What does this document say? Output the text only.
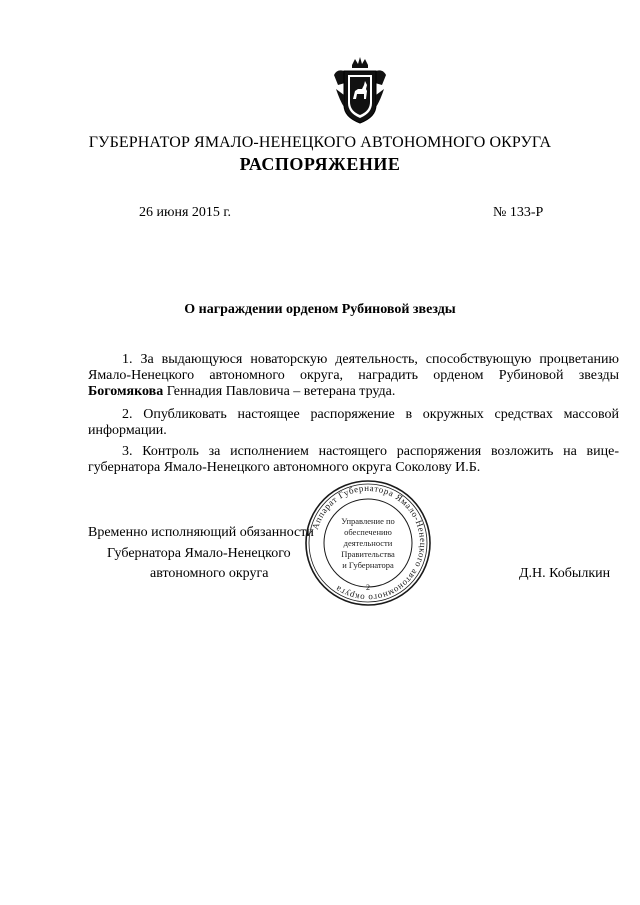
ГУБЕРНАТОР ЯМАЛО-НЕНЕЦКОГО АВТОНОМНОГО ОКРУГА
РАСПОРЯЖЕНИЕ
26 июня 2015 г.	№ 133-Р
О награждении орденом Рубиновой звезды

1. За выдающуюся новаторскую деятельность, способствующую процветанию Ямало-Ненецкого автономного округа, наградить орденом Рубиновой звезды Богомякова Геннадия Павловича – ветерана труда.

2. Опубликовать настоящее распоряжение в окружных средствах массовой информации.

3. Контроль за исполнением настоящего распоряжения возложить на вице-губернатора Ямало-Ненецкого автономного округа Соколову И.Б.

Временно исполняющий обязанности
Губернатора Ямало-Ненецкого
автономного округа	Д.Н. Кобылкин
Аппарат Губернатора Ямало-Ненецкого автономного округа	2
Управление по
обеспечению
деятельности
Правительства
и Губернатора
